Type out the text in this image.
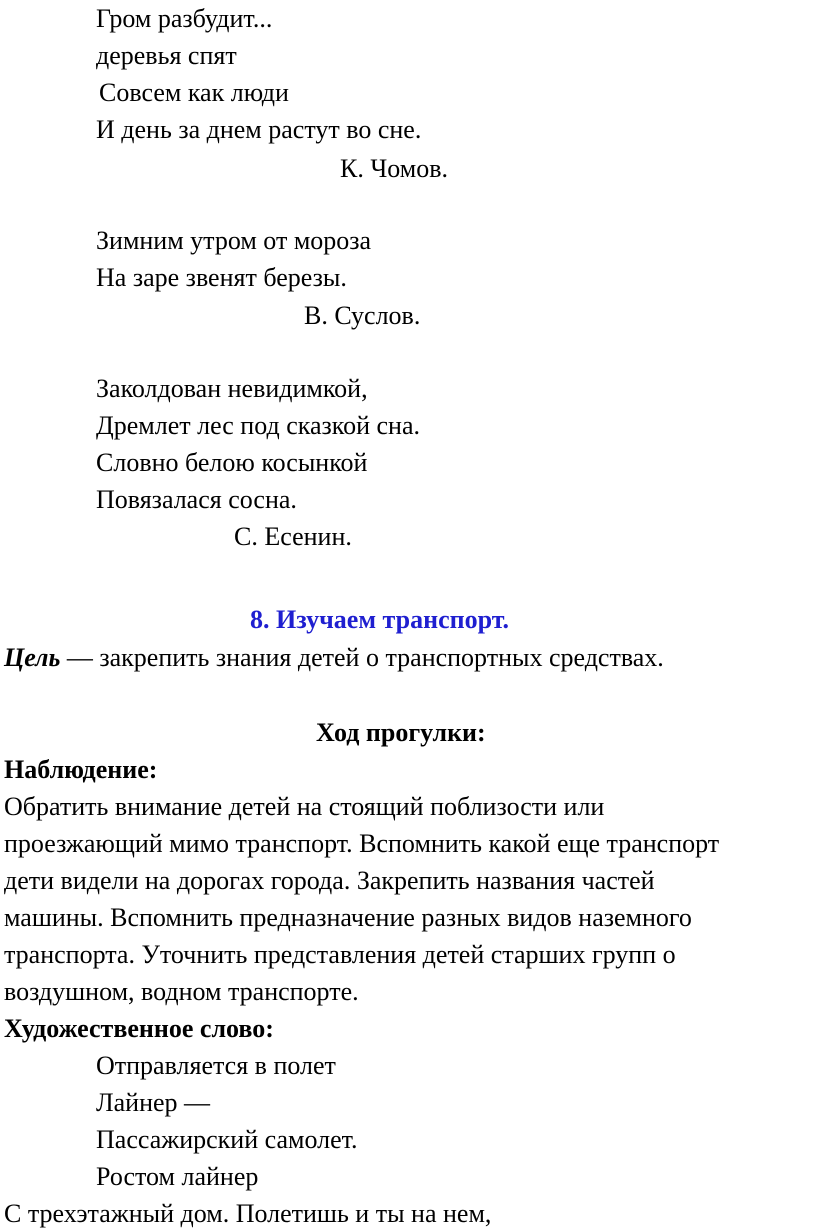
Гром разбудит...
деревья спят
Совсем как люди
И день за днем растут во сне.
К. Чомов.
Зимним утром от мороза
На заре звенят березы.
В. Суслов.
Заколдован невидимкой,
Дремлет лес под сказкой сна.
Словно белою косынкой
Повязалася сосна.
С. Есенин.
8. Изучаем транспорт.
Цель — закрепить знания детей о транспортных средствах.
Ход прогулки:
Наблюдение:
Обратить внимание детей на стоящий поблизости или
проезжающий мимо транспорт. Вспомнить какой еще транспорт
дети видели на дорогах города. Закрепить названия частей
машины. Вспомнить предназначение разных видов наземного
транспорта. Уточнить представления детей старших групп о
воздушном, водном транспорте.
Художественное слово:
Отправляется в полет
Лайнер —
Пассажирский самолет.
Ростом лайнер
С трехэтажный дом. Полетишь и ты на нем,
